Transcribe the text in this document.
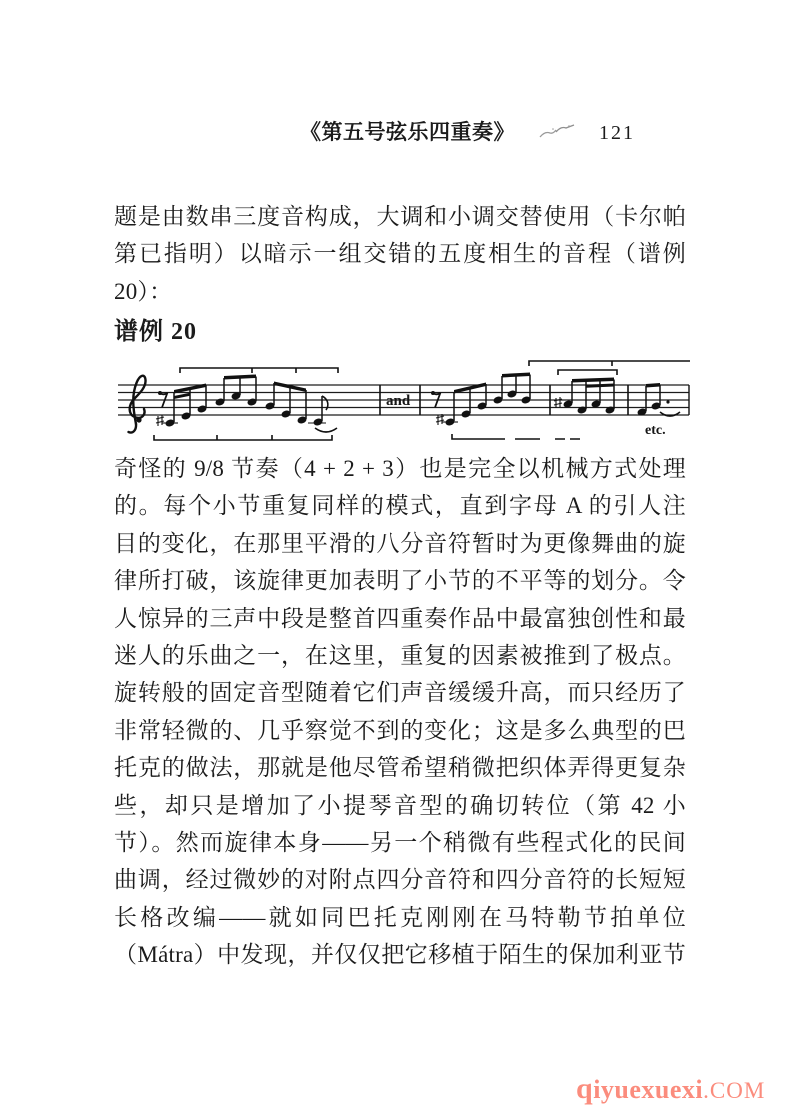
《第五号弦乐四重奏》	121
题是由数串三度音构成，大调和小调交替使用（卡尔帕
第已指明）以暗示一组交错的五度相生的音程（谱例
20）：
谱例 20
and
etc.
奇怪的 9/8 节奏（4 + 2 + 3）也是完全以机械方式处理
的。每个小节重复同样的模式，直到字母 A 的引人注
目的变化，在那里平滑的八分音符暂时为更像舞曲的旋
律所打破，该旋律更加表明了小节的不平等的划分。令
人惊异的三声中段是整首四重奏作品中最富独创性和最
迷人的乐曲之一，在这里，重复的因素被推到了极点。
旋转般的固定音型随着它们声音缓缓升高，而只经历了
非常轻微的、几乎察觉不到的变化；这是多么典型的巴
托克的做法，那就是他尽管希望稍微把织体弄得更复杂
些，却只是增加了小提琴音型的确切转位（第 42 小
节）。然而旋律本身——另一个稍微有些程式化的民间
曲调，经过微妙的对附点四分音符和四分音符的长短短
长格改编——就如同巴托克刚刚在马特勒节拍单位
（Mátra）中发现，并仅仅把它移植于陌生的保加利亚节
qiyuexuexi.COM
